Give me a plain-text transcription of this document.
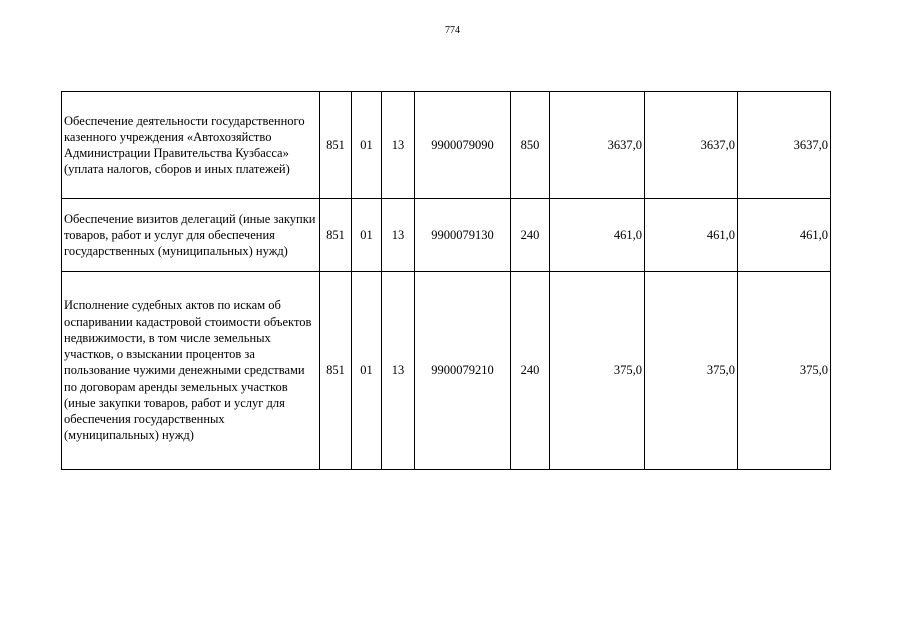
774
Обеспечение деятельности государственного казенного учреждения «Автохозяйство Администрации Правительства Кузбасса» (уплата налогов, сборов и иных платежей)	851	01	13	9900079090	850	3637,0	3637,0	3637,0
Обеспечение визитов делегаций (иные закупки товаров, работ и услуг для обеспечения государственных (муниципальных) нужд)	851	01	13	9900079130	240	461,0	461,0	461,0
Исполнение судебных актов по искам об оспаривании кадастровой стоимости объектов недвижимости, в том числе земельных участков, о взыскании процентов за пользование чужими денежными средствами по договорам аренды земельных участков (иные закупки товаров, работ и услуг для обеспечения государственных (муниципальных) нужд)	851	01	13	9900079210	240	375,0	375,0	375,0
